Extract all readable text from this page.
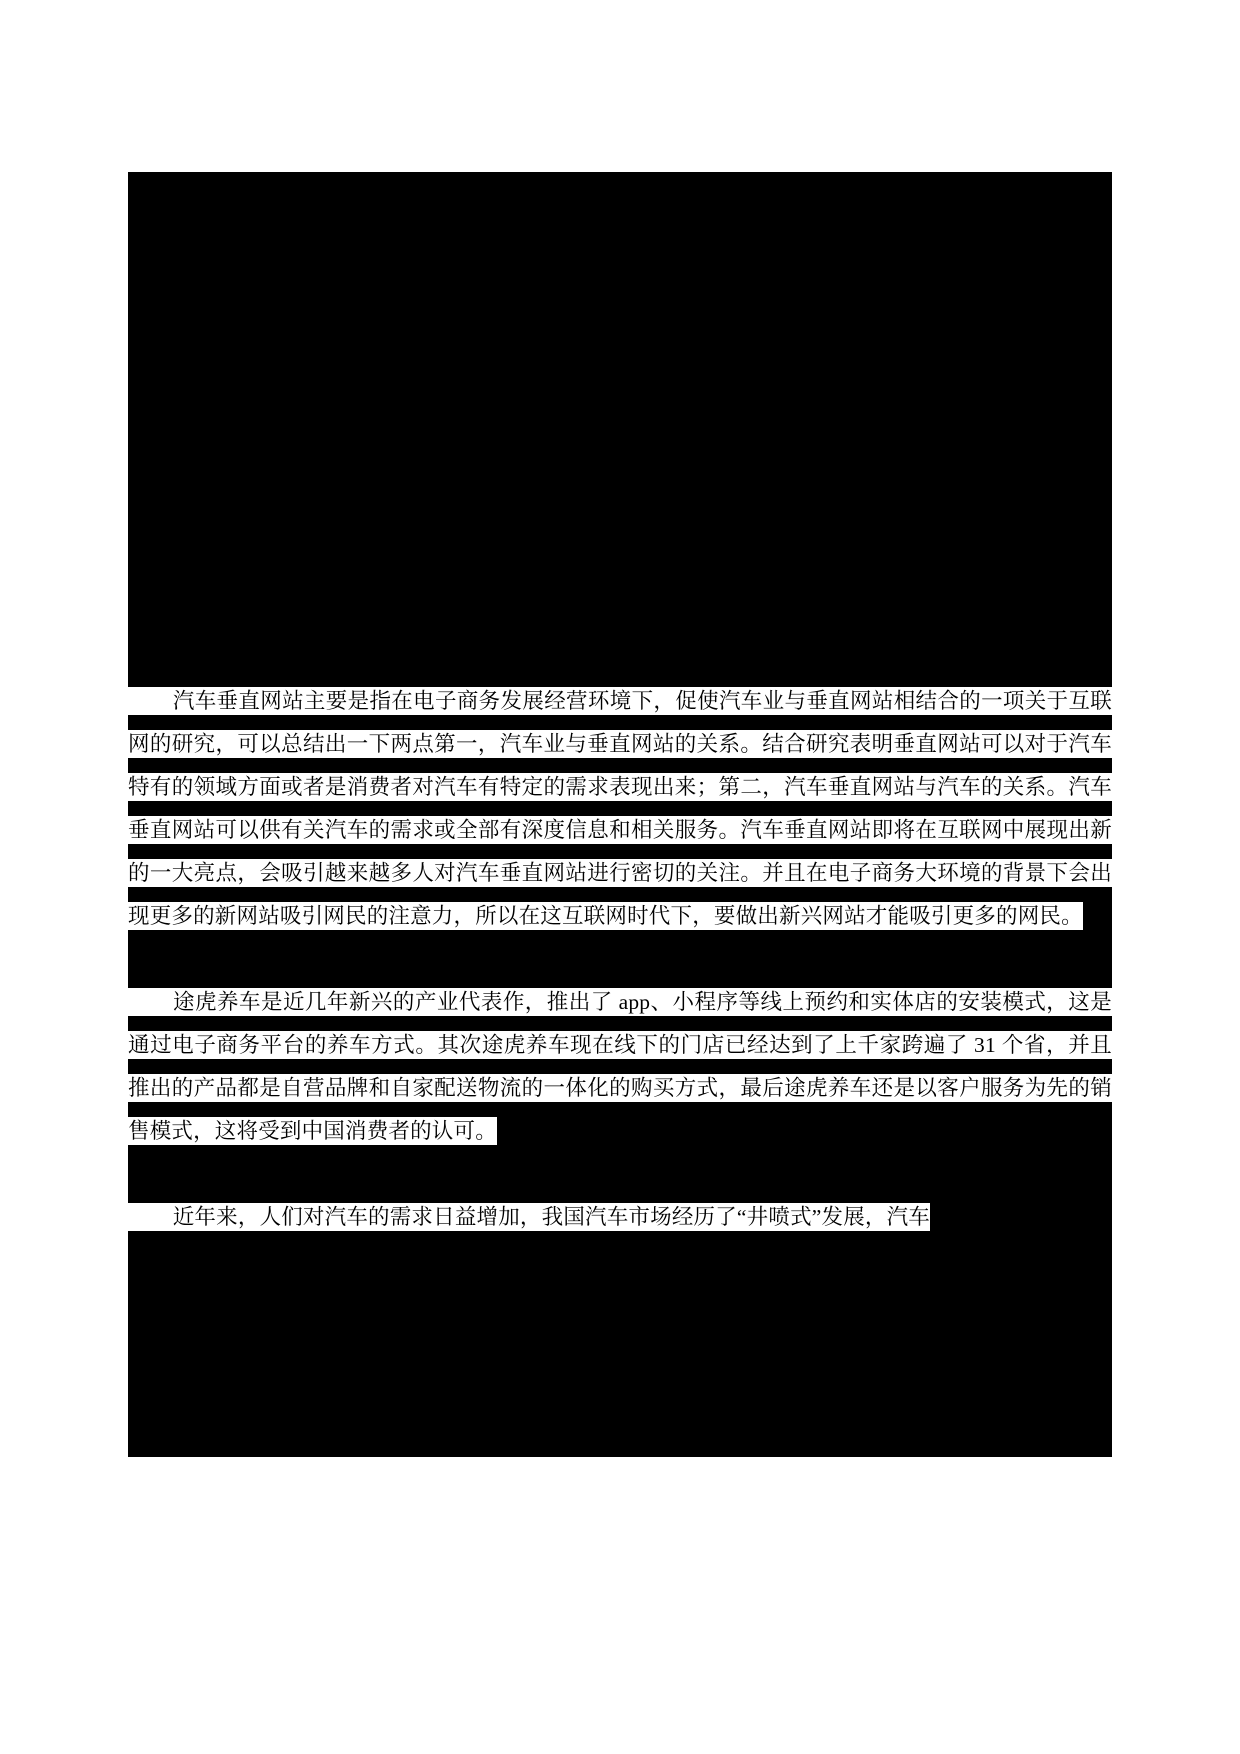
汽车垂直网站主要是指在电子商务发展经营环境下，促使汽车业与垂直网站相结合的一项关于互联网的研究，可以总结出一下两点第一，汽车业与垂直网站的关系。结合研究表明垂直网站可以对于汽车特有的领域方面或者是消费者对汽车有特定的需求表现出来；第二，汽车垂直网站与汽车的关系。汽车垂直网站可以供有关汽车的需求或全部有深度信息和相关服务。汽车垂直网站即将在互联网中展现出新的一大亮点，会吸引越来越多人对汽车垂直网站进行密切的关注。并且在电子商务大环境的背景下会出现更多的新网站吸引网民的注意力，所以在这互联网时代下，要做出新兴网站才能吸引更多的网民。

途虎养车是近几年新兴的产业代表作，推出了 app、小程序等线上预约和实体店的安装模式，这是通过电子商务平台的养车方式。其次途虎养车现在线下的门店已经达到了上千家跨遍了 31 个省，并且推出的产品都是自营品牌和自家配送物流的一体化的购买方式，最后途虎养车还是以客户服务为先的销售模式，这将受到中国消费者的认可。

近年来，人们对汽车的需求日益增加，我国汽车市场经历了“井喷式”发展，汽车
